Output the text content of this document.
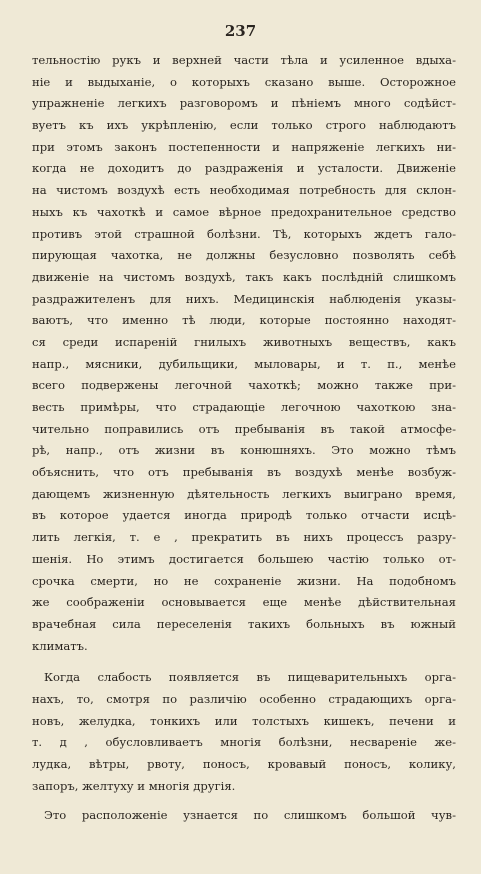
237
тельностію рукъ и верхней части тѣла и усиленное вдыха-
ніе и выдыханіе, о которыхъ сказано выше. Осторожное
упражненіе легкихъ разговоромъ и пѣніемъ много содѣйст-
вуетъ къ ихъ укрѣпленію, если только строго наблюдаютъ
при этомъ законъ постепенности и напряженіе легкихъ ни-
когда не доходитъ до раздраженія и усталости. Движеніе
на чистомъ воздухѣ есть необходимая потребность для склон-
ныхъ къ чахоткѣ и самое вѣрное предохранительное средство
противъ этой страшной болѣзни. Тѣ, которыхъ ждетъ гало-
пирующая чахотка, не должны безусловно позволять себѣ
движеніе на чистомъ воздухѣ, такъ какъ послѣдній слишкомъ
раздражителенъ для нихъ. Медицинскія наблюденія указы-
ваютъ, что именно тѣ люди, которые постоянно находят-
ся среди испареній гнилыхъ животныхъ веществъ, какъ
напр., мясники, дубильщики, мыловары, и т. п., менѣе
всего подвержены легочной чахоткѣ; можно также при-
весть примѣры, что страдающіе легочною чахоткою зна-
чительно поправились отъ пребыванія въ такой атмосфе-
рѣ, напр., отъ жизни въ конюшняхъ. Это можно тѣмъ
объяснить, что отъ пребыванія въ воздухѣ менѣе возбуж-
дающемъ жизненную дѣятельность легкихъ выиграно время,
въ которое удается иногда природѣ только отчасти исцѣ-
лить легкія, т. е , прекратить въ нихъ процессъ разру-
шенія. Но этимъ достигается большею частію только от-
срочка смерти, но не сохраненіе жизни. На подобномъ
же соображеніи основывается еще менѣе дѣйствительная
врачебная сила переселенія такихъ больныхъ въ южный
климатъ.
Когда слабость появляется въ пищеварительныхъ орга-
нахъ, то, смотря по различію особенно страдающихъ орга-
новъ, желудка, тонкихъ или толстыхъ кишекъ, печени и
т. д , обусловливаетъ многія болѣзни, несвареніе же-
лудка, вѣтры, рвоту, поносъ, кровавый поносъ, колику,
запоръ, желтуху и многія другія.
Это расположеніе узнается по слишкомъ большой чув-
